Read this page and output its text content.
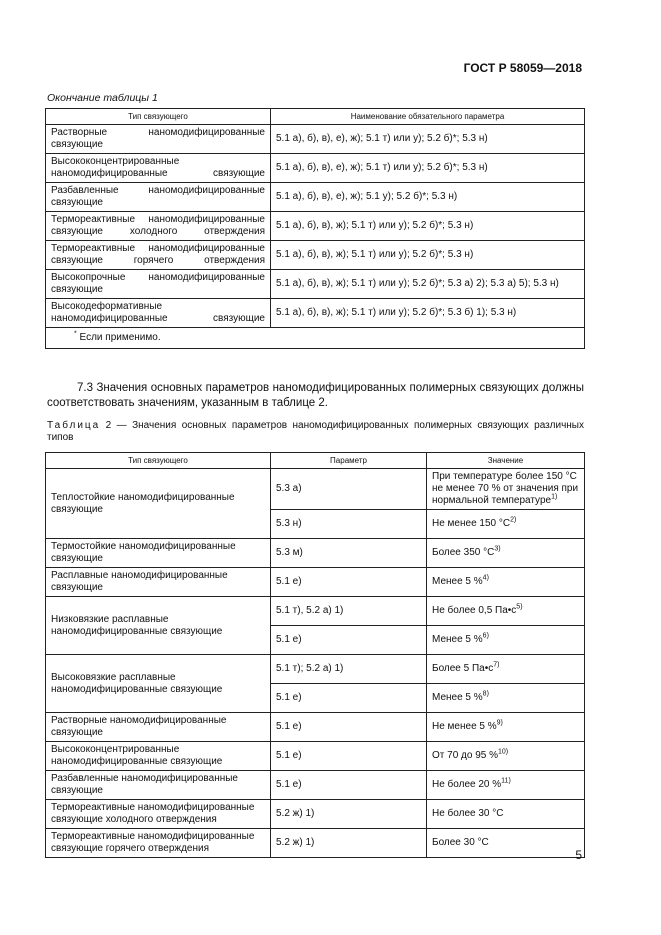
ГОСТ Р 58059—2018
Окончание таблицы 1
Тип связующего	Наименование обязательного параметра
Растворные наномодифицированные связующие	5.1 а), б), в), е), ж); 5.1 т) или у); 5.2 б)*; 5.3 н)
Высококонцентрированные наномодифицированные связующие	5.1 а), б), в), е), ж); 5.1 т) или у); 5.2 б)*; 5.3 н)
Разбавленные наномодифицированные связующие	5.1 а), б), в), е), ж); 5.1 у); 5.2 б)*; 5.3 н)
Термореактивные наномодифицированные связующие холодного отверждения	5.1 а), б), в), ж); 5.1 т) или у); 5.2 б)*; 5.3 н)
Термореактивные наномодифицированные связующие горячего отверждения	5.1 а), б), в), ж); 5.1 т) или у); 5.2 б)*; 5.3 н)
Высокопрочные наномодифицированные связующие	5.1 а), б), в), ж); 5.1 т) или у); 5.2 б)*; 5.3 а) 2); 5.3 а) 5); 5.3 н)
Высокодеформативные наномодифицированные связующие	5.1 а), б), в), ж); 5.1 т) или у); 5.2 б)*; 5.3 б) 1); 5.3 н)
* Если применимо.	
7.3 Значения основных параметров наномодифицированных полимерных связующих должны соответствовать значениям, указанным в таблице 2.
Таблица 2 — Значения основных параметров наномодифицированных полимерных связующих различных типов
Тип связующего	Параметр	Значение
Теплостойкие наномодифицированные связующие	5.3 а)	При температуре более 150 °С не менее 70 % от значения при нормальной температуре$^{1)}$
	5.3 н)	Не менее 150 $^\circ С^{2)}$
Термостойкие наномодифицированные связующие	5.3 м)	Более 350 $^\circ С^{3)}$
Расплавные наномодифицированные связующие	5.1 е)	Менее 5 %$^{4)}$
Низковязкие расплавные наномодифицированные связующие	5.1 т), 5.2 а) 1)	Не более 0,5 $Па•с^{5)}$
	5.1 е)	Менее 5 %$^{6)}$
Высоковязкие расплавные наномодифицированные связующие	5.1 т); 5.2 а) 1)	Более 5 $Па•с^{7)}$
	5.1 е)	Менее 5 %$^{8)}$
Растворные наномодифицированные связующие	5.1 е)	Не менее 5 %$^{9)}$
Высококонцентрированные наномодифицированные связующие	5.1 е)	От 70 до 95 %$^{10)}$
Разбавленные наномодифицированные связующие	5.1 е)	Не более 20 %$^{11)}$
Термореактивные наномодифицированные связующие холодного отверждения	5.2 ж) 1)	Не более 30 °С
Термореактивные наномодифицированные связующие горячего отверждения	5.2 ж) 1)	Более 30 °С
5
